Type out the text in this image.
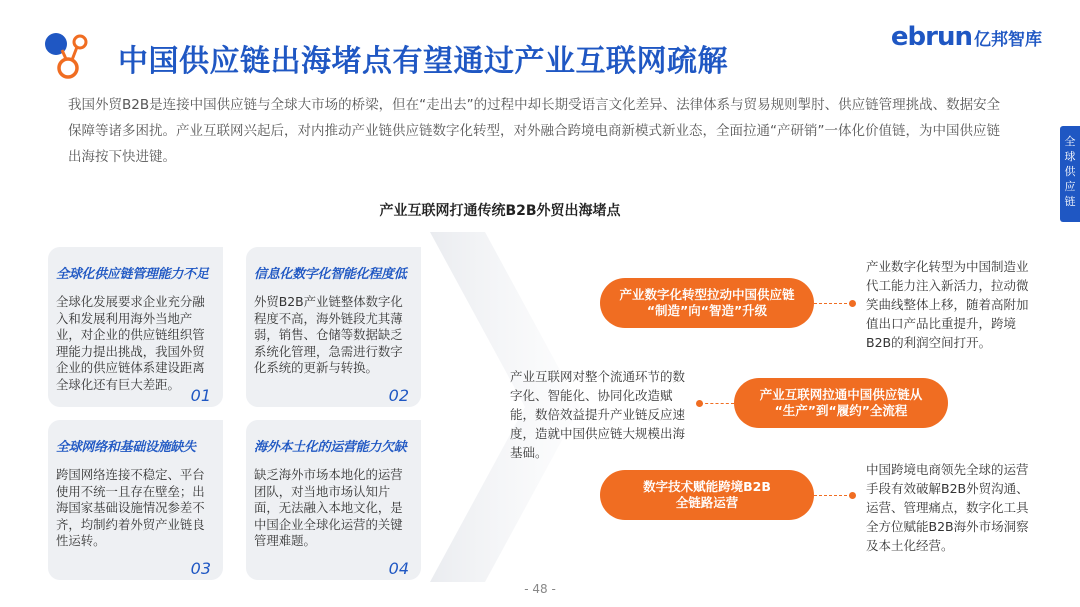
中国供应链出海堵点有望通过产业互联网疏解
ebrun 亿邦智库
全
球
供
应
链

我国外贸B2B是连接中国供应链与全球大市场的桥梁，但在“走出去”的过程中却长期受语言文化差异、法律体系与贸易规则掣肘、供应链管理挑战、数据安全保障等诸多困扰。产业互联网兴起后，对内推动产业链供应链数字化转型，对外融合跨境电商新模式新业态，全面拉通“产研销”一体化价值链，为中国供应链出海按下快进键。

产业互联网打通传统B2B外贸出海堵点
全球化供应链管理能力不足
全球化发展要求企业充分融入和发展利用海外当地产业，对企业的供应链组织管理能力提出挑战，我国外贸企业的供应链体系建设距离全球化还有巨大差距。
01
信息化数字化智能化程度低
外贸B2B产业链整体数字化程度不高，海外链段尤其薄弱，销售、仓储等数据缺乏系统化管理，急需进行数字化系统的更新与转换。
02
全球网络和基础设施缺失
跨国网络连接不稳定、平台使用不统一且存在壁垒；出海国家基础设施情况参差不齐，均制约着外贸产业链良性运转。
03
海外本土化的运营能力欠缺
缺乏海外市场本地化的运营团队，对当地市场认知片面，无法融入本地文化，是中国企业全球化运营的关键管理难题。
04
产业数字化转型拉动中国供应链
“制造”向“智造”升级
产业互联网拉通中国供应链从
“生产”到“履约”全流程
数字技术赋能跨境B2B
全链路运营
产业数字化转型为中国制造业代工能力注入新活力，拉动微笑曲线整体上移，随着高附加值出口产品比重提升，跨境B2B的利润空间打开。
产业互联网对整个流通环节的数字化、智能化、协同化改造赋能，数倍效益提升产业链反应速度，造就中国供应链大规模出海基础。
中国跨境电商领先全球的运营手段有效破解B2B外贸沟通、运营、管理痛点，数字化工具全方位赋能B2B海外市场洞察及本土化经营。
- 48 -
